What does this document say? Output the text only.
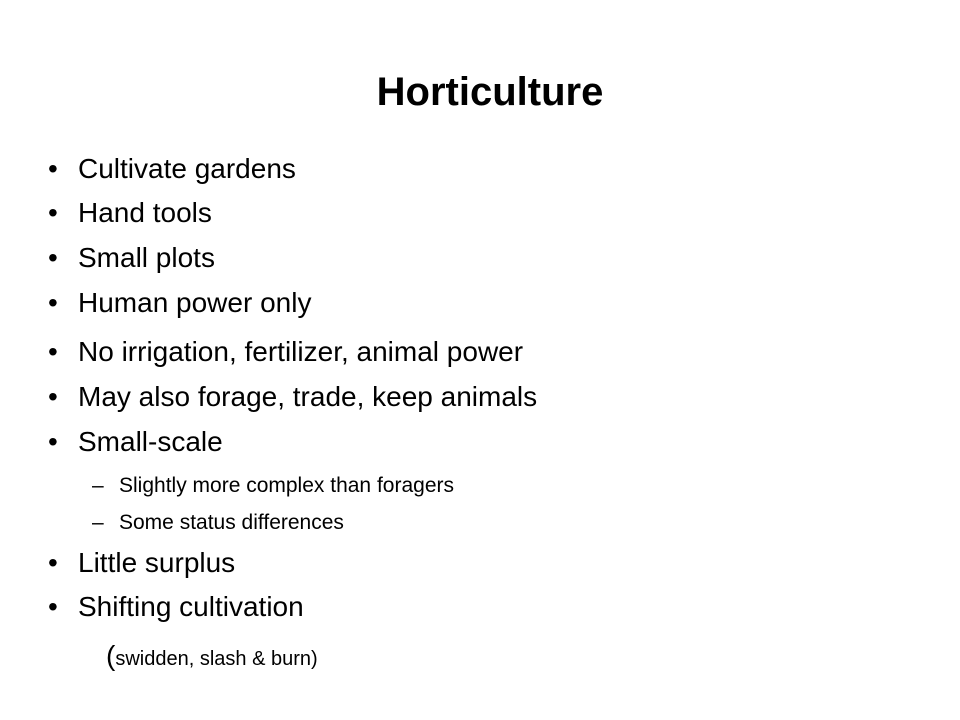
Horticulture
• Cultivate gardens
• Hand tools
• Small plots
• Human power only
• No irrigation, fertilizer, animal power
• May also forage, trade, keep animals
• Small-scale
– Slightly more complex than foragers
– Some status differences
• Little surplus
• Shifting cultivation
(swidden, slash & burn)
